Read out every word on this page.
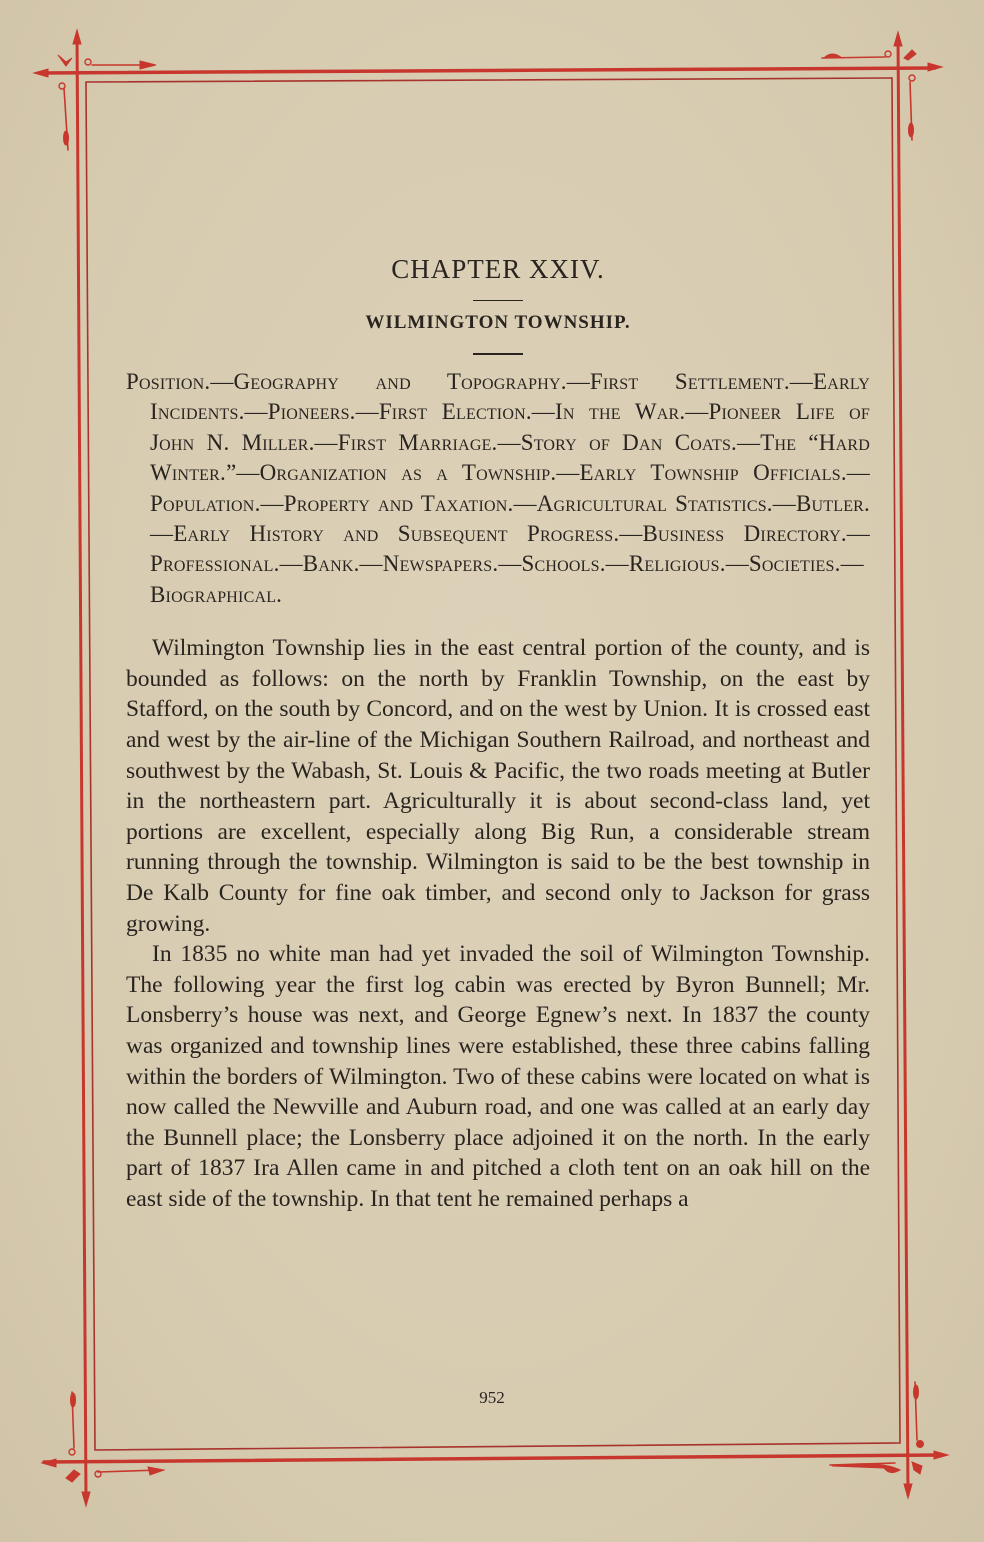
CHAPTER XXIV.
WILMINGTON TOWNSHIP.

Position.—Geography and Topography.—First Settlement.—Early Incidents.—Pioneers.—First Election.—In the War.—Pioneer Life of John N. Miller.—First Marriage.—Story of Dan Coats.—The “Hard Winter.”—Organization as a Township.—Early Township Officials.—Population.—Property and Taxation.—Agricultural Statistics.—Butler.—Early History and Subsequent Progress.—Business Directory.—Professional.—Bank.—Newspapers.—Schools.—Religious.—Societies.—Biographical.

Wilmington Township lies in the east central portion of the county, and is bounded as follows: on the north by Franklin Township, on the east by Stafford, on the south by Concord, and on the west by Union. It is crossed east and west by the air-line of the Michigan Southern Railroad, and northeast and southwest by the Wabash, St. Louis & Pacific, the two roads meeting at Butler in the northeastern part. Agriculturally it is about second-class land, yet portions are excellent, especially along Big Run, a considerable stream running through the township. Wilmington is said to be the best township in De Kalb County for fine oak timber, and second only to Jackson for grass growing.

In 1835 no white man had yet invaded the soil of Wilmington Township. The following year the first log cabin was erected by Byron Bunnell; Mr. Lonsberry’s house was next, and George Egnew’s next. In 1837 the county was organized and township lines were established, these three cabins falling within the borders of Wilmington. Two of these cabins were located on what is now called the Newville and Auburn road, and one was called at an early day the Bunnell place; the Lonsberry place adjoined it on the north. In the early part of 1837 Ira Allen came in and pitched a cloth tent on an oak hill on the east side of the township. In that tent he remained perhaps a

952
